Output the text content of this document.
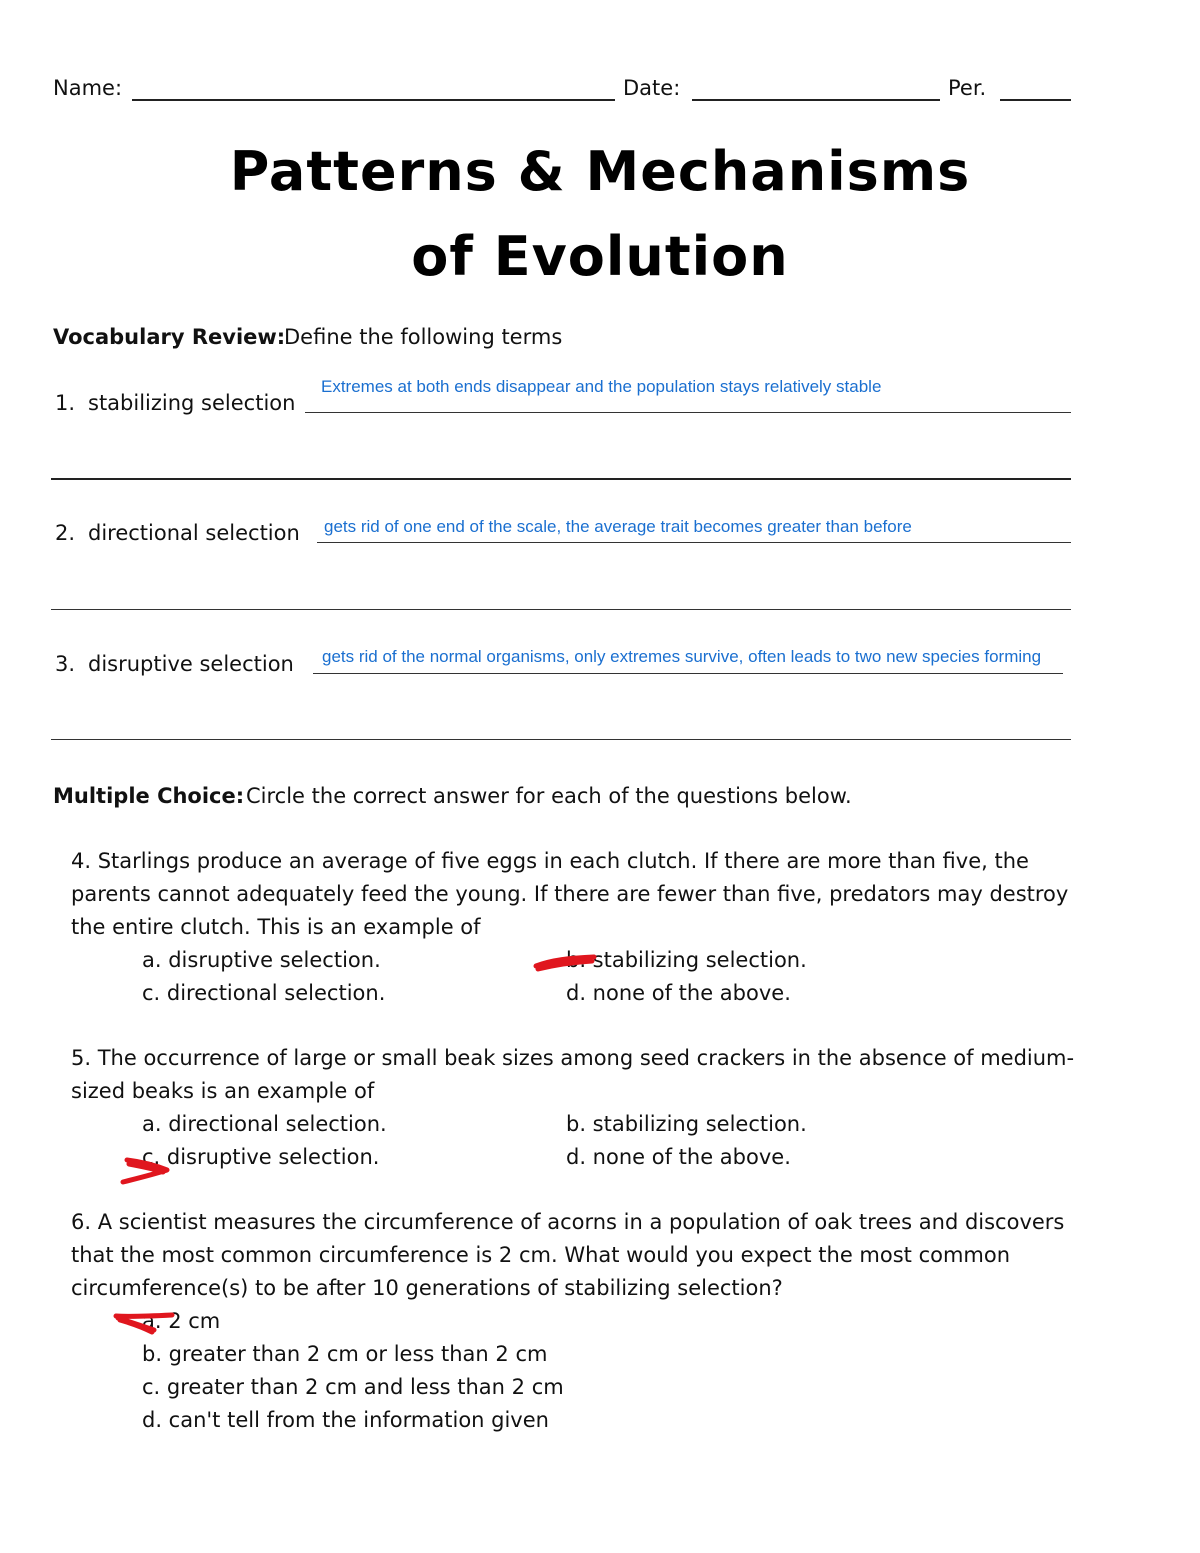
Name:	Date:	Per.
Patterns & Mechanisms
of Evolution
Vocabulary Review:
Define the following terms
1. stabilizing selection
Extremes at both ends disappear and the population stays relatively stable
2. directional selection gets rid of one end of the scale, the average trait becomes greater than before
3. disruptive selection gets rid of the normal organisms, only extremes survive, often leads to two new species forming
Multiple Choice: Circle the correct answer for each of the questions below.
4. Starlings produce an average of five eggs in each clutch. If there are more than five, the
parents cannot adequately feed the young. If there are fewer than five, predators may destroy
the entire clutch. This is an example of
a. disruptive selection.	b. stabilizing selection.
c. directional selection.	d. none of the above.
5. The occurrence of large or small beak sizes among seed crackers in the absence of medium-
sized beaks is an example of
a. directional selection.	b. stabilizing selection.
c. disruptive selection.	d. none of the above.
6. A scientist measures the circumference of acorns in a population of oak trees and discovers
that the most common circumference is 2 cm. What would you expect the most common
circumference(s) to be after 10 generations of stabilizing selection?
a. 2 cm
b. greater than 2 cm or less than 2 cm
c. greater than 2 cm and less than 2 cm
d. can't tell from the information given
